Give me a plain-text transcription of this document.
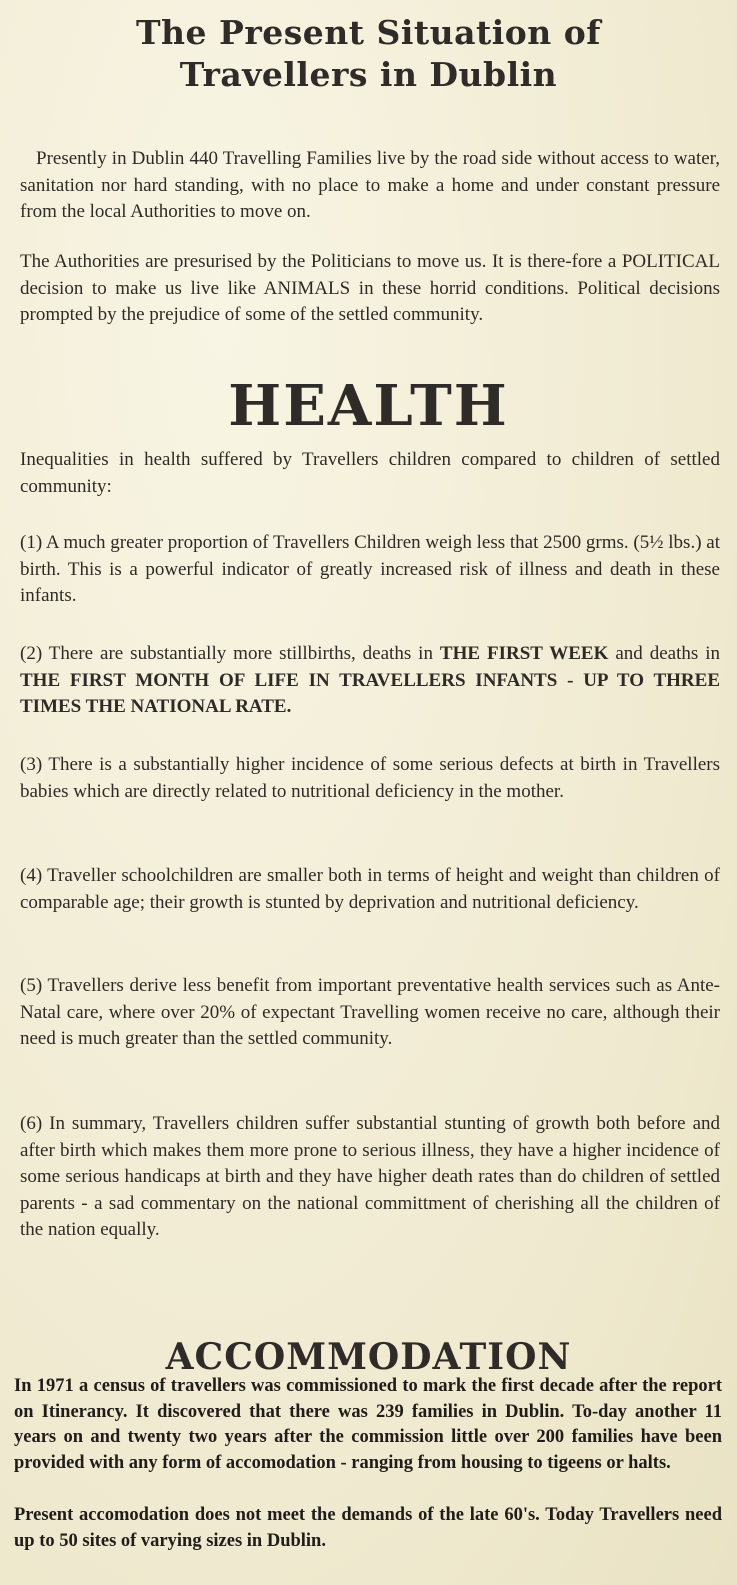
The Present Situation of
Travellers in Dublin

Presently in Dublin 440 Travelling Families live by the road side without access to water, sanitation nor hard standing, with no place to make a home and under constant pressure from the local Authorities to move on.

The Authorities are presurised by the Politicians to move us. It is there-fore a POLITICAL decision to make us live like ANIMALS in these horrid conditions. Political decisions prompted by the prejudice of some of the settled community.

HEALTH

Inequalities in health suffered by Travellers children compared to children of settled community:

(1) A much greater proportion of Travellers Children weigh less that 2500 grms. (5½ lbs.) at birth. This is a powerful indicator of greatly increased risk of illness and death in these infants.

(2) There are substantially more stillbirths, deaths in THE FIRST WEEK and deaths in THE FIRST MONTH OF LIFE IN TRAVELLERS INFANTS - UP TO THREE TIMES THE NATIONAL RATE.

(3) There is a substantially higher incidence of some serious defects at birth in Travellers babies which are directly related to nutritional deficiency in the mother.

(4) Traveller schoolchildren are smaller both in terms of height and weight than children of comparable age; their growth is stunted by deprivation and nutritional deficiency.

(5) Travellers derive less benefit from important preventative health services such as Ante-Natal care, where over 20% of expectant Travelling women receive no care, although their need is much greater than the settled community.

(6) In summary, Travellers children suffer substantial stunting of growth both before and after birth which makes them more prone to serious illness, they have a higher incidence of some serious handicaps at birth and they have higher death rates than do children of settled parents - a sad commentary on the national committment of cherishing all the children of the nation equally.

ACCOMMODATION

In 1971 a census of travellers was commissioned to mark the first decade after the report on Itinerancy. It discovered that there was 239 families in Dublin. To-day another 11 years on and twenty two years after the commission little over 200 families have been provided with any form of accomodation - ranging from housing to tigeens or halts.

Present accomodation does not meet the demands of the late 60's. Today Travellers need up to 50 sites of varying sizes in Dublin.
